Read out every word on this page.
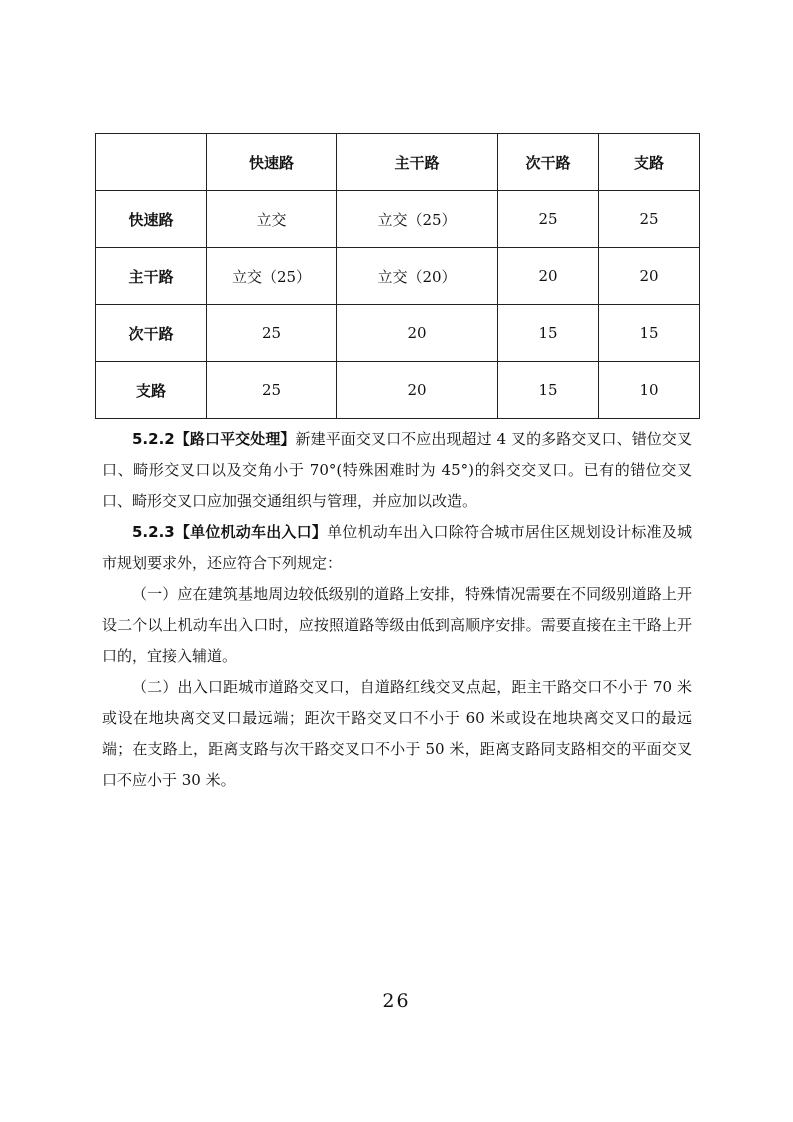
	快速路	主干路	次干路	支路
快速路	立交	立交（25）	25	25
主干路	立交（25）	立交（20）	20	20
次干路	25	20	15	15
支路	25	20	15	10

5.2.2【路口平交处理】新建平面交叉口不应出现超过 4 叉的多路交叉口、错位交叉口、畸形交叉口以及交角小于 70°(特殊困难时为 45°)的斜交交叉口。已有的错位交叉口、畸形交叉口应加强交通组织与管理，并应加以改造。

5.2.3【单位机动车出入口】单位机动车出入口除符合城市居住区规划设计标准及城市规划要求外，还应符合下列规定：

（一）应在建筑基地周边较低级别的道路上安排，特殊情况需要在不同级别道路上开设二个以上机动车出入口时，应按照道路等级由低到高顺序安排。需要直接在主干路上开口的，宜接入辅道。

（二）出入口距城市道路交叉口，自道路红线交叉点起，距主干路交口不小于 70 米或设在地块离交叉口最远端；距次干路交叉口不小于 60 米或设在地块离交叉口的最远端；在支路上，距离支路与次干路交叉口不小于 50 米，距离支路同支路相交的平面交叉口不应小于 30 米。

26
